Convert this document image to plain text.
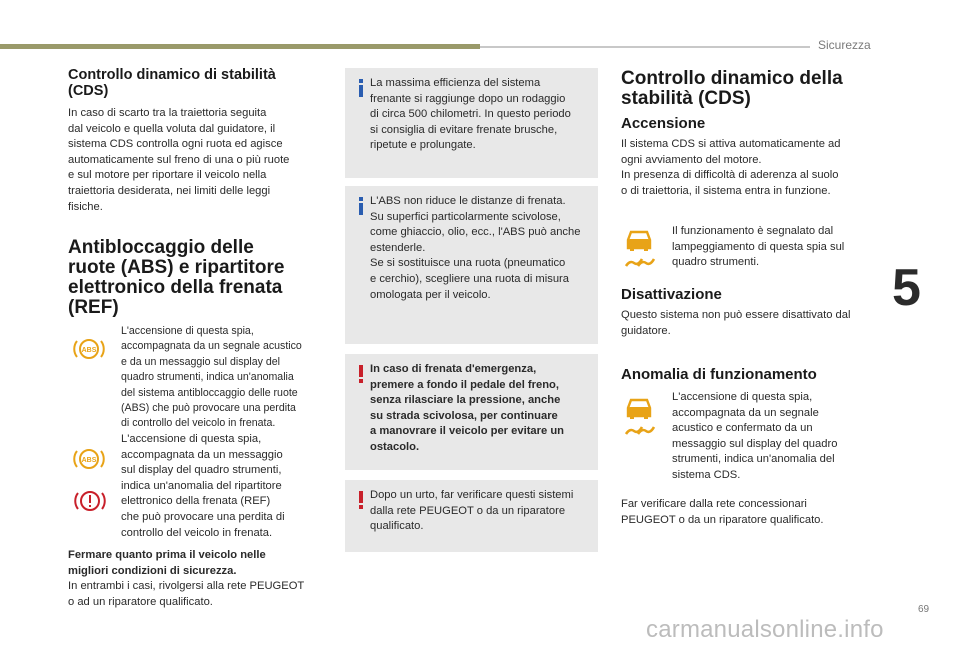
Sicurezza
5
69
carmanualsonline.info
Controllo dinamico di stabilità
(CDS)
In caso di scarto tra la traiettoria seguita
dal veicolo e quella voluta dal guidatore, il
sistema CDS controlla ogni ruota ed agisce
automaticamente sul freno di una o più ruote
e sul motore per riportare il veicolo nella
traiettoria desiderata, nei limiti delle leggi
fisiche.
Antibloccaggio delle
ruote (ABS) e ripartitore
elettronico della frenata
(REF)
ABS
L'accensione di questa spia,
accompagnata da un segnale acustico
e da un messaggio sul display del
quadro strumenti, indica un'anomalia
del sistema antibloccaggio delle ruote
(ABS) che può provocare una perdita
di controllo del veicolo in frenata.
ABS
L'accensione di questa spia,
accompagnata da un messaggio
sul display del quadro strumenti,
indica un'anomalia del ripartitore
elettronico della frenata (REF)
che può provocare una perdita di
controllo del veicolo in frenata.
Fermare quanto prima il veicolo nelle
migliori condizioni di sicurezza.
In entrambi i casi, rivolgersi alla rete PEUGEOT
o ad un riparatore qualificato.
La massima efficienza del sistema
frenante si raggiunge dopo un rodaggio
di circa 500 chilometri. In questo periodo
si consiglia di evitare frenate brusche,
ripetute e prolungate.
L'ABS non riduce le distanze di frenata.
Su superfici particolarmente scivolose,
come ghiaccio, olio, ecc., l'ABS può anche
estenderle.
Se si sostituisce una ruota (pneumatico
e cerchio), scegliere una ruota di misura
omologata per il veicolo.
In caso di frenata d'emergenza,
premere a fondo il pedale del freno,
senza rilasciare la pressione, anche
su strada scivolosa, per continuare
a manovrare il veicolo per evitare un
ostacolo.
Dopo un urto, far verificare questi sistemi
dalla rete PEUGEOT o da un riparatore
qualificato.
Controllo dinamico della
stabilità (CDS)
Accensione
Il sistema CDS si attiva automaticamente ad
ogni avviamento del motore.
In presenza di difficoltà di aderenza al suolo
o di traiettoria, il sistema entra in funzione.
Il funzionamento è segnalato dal
lampeggiamento di questa spia sul
quadro strumenti.
Disattivazione
Questo sistema non può essere disattivato dal
guidatore.
Anomalia di funzionamento
L'accensione di questa spia,
accompagnata da un segnale
acustico e confermato da un
messaggio sul display del quadro
strumenti, indica un'anomalia del
sistema CDS.
Far verificare dalla rete concessionari
PEUGEOT o da un riparatore qualificato.
